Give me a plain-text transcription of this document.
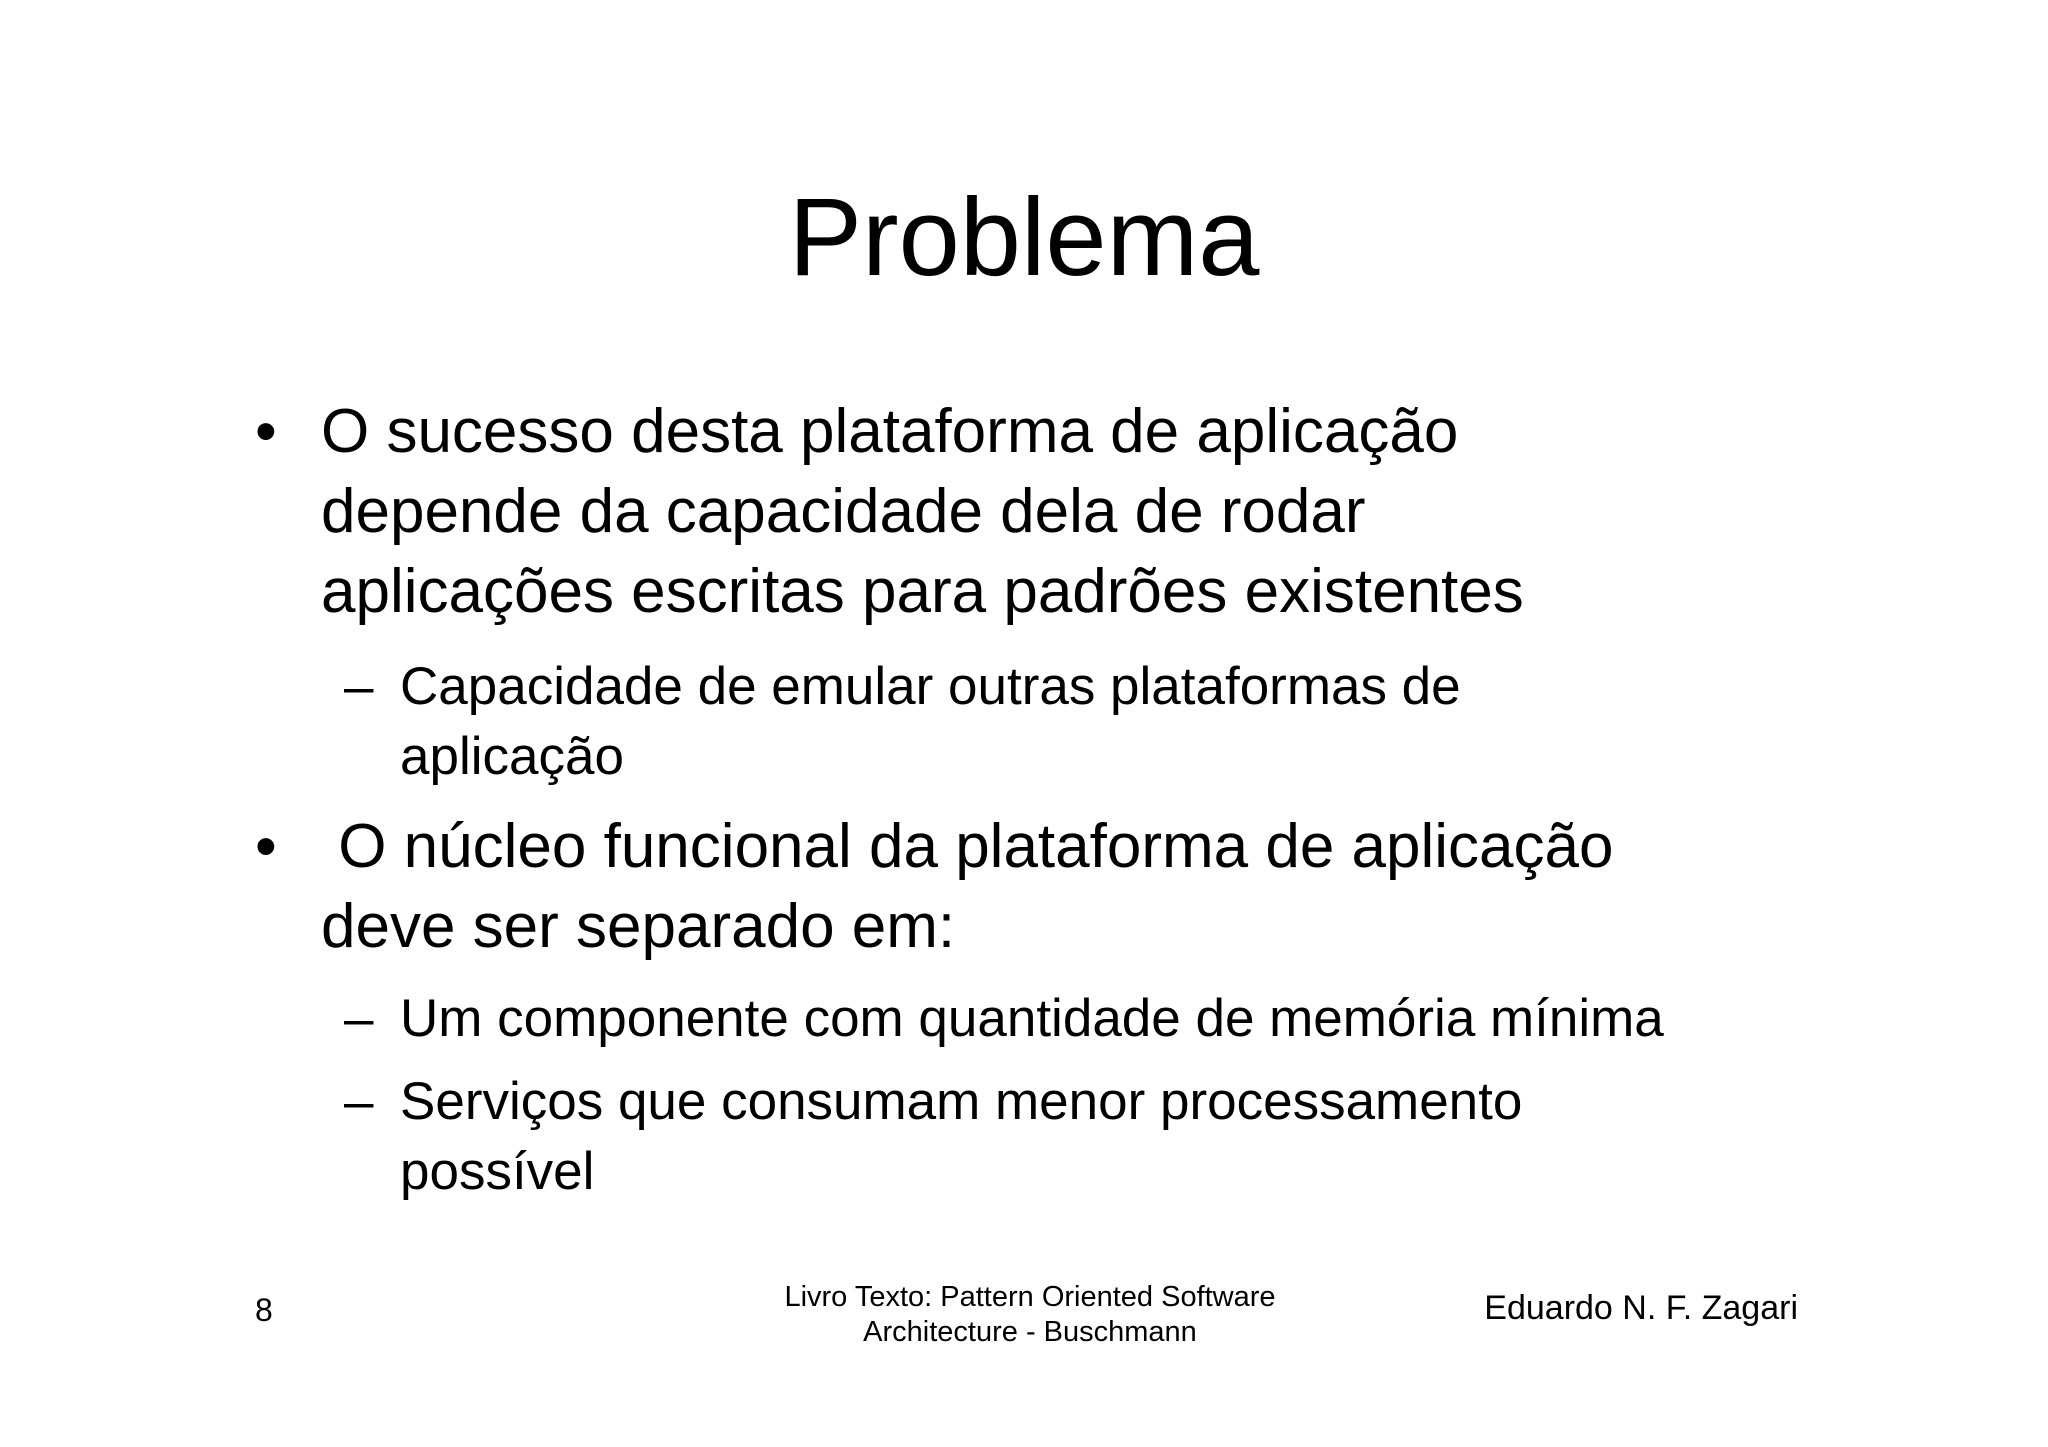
Problema
• O sucesso desta plataforma de aplicação
depende da capacidade dela de rodar
aplicações escritas para padrões existentes
– Capacidade de emular outras plataformas de
aplicação
• O núcleo funcional da plataforma de aplicação
deve ser separado em:
– Um componente com quantidade de memória mínima
– Serviços que consumam menor processamento
possível
8	Livro Texto: Pattern Oriented Software
Architecture - Buschmann
Eduardo N. F. Zagari
